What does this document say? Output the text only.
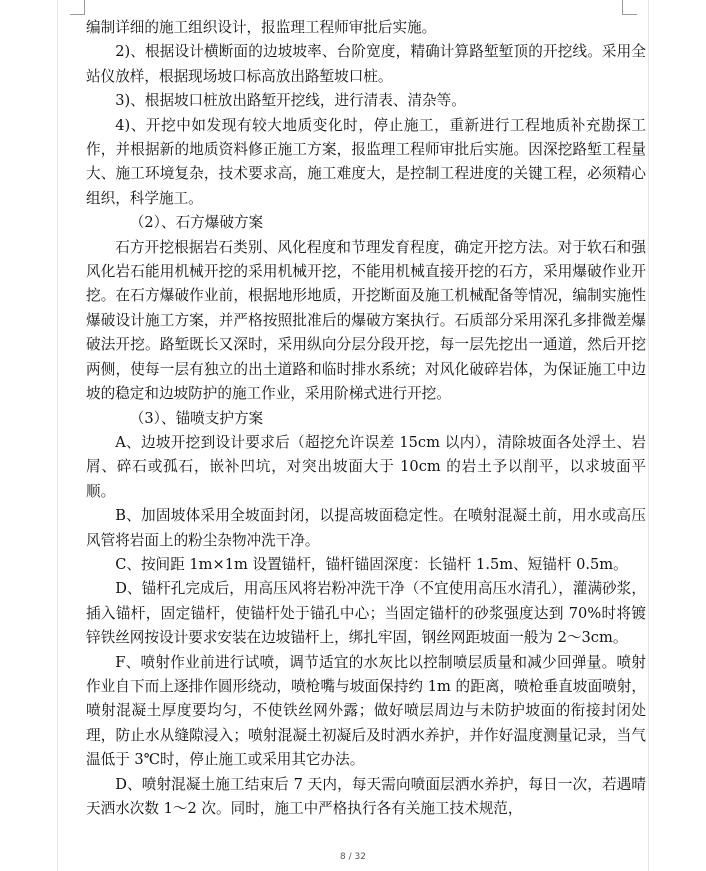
编制详细的施工组织设计，报监理工程师审批后实施。

2)、根据设计横断面的边坡坡率、台阶宽度，精确计算路堑堑顶的开挖线。采用全站仪放样，根据现场坡口标高放出路堑坡口桩。

3)、根据坡口桩放出路堑开挖线，进行清表、清杂等。

4)、开挖中如发现有较大地质变化时，停止施工，重新进行工程地质补充勘探工作，并根据新的地质资料修正施工方案，报监理工程师审批后实施。因深挖路堑工程量大、施工环境复杂，技术要求高，施工难度大，是控制工程进度的关键工程，必须精心组织，科学施工。

（2）、石方爆破方案

石方开挖根据岩石类别、风化程度和节理发育程度，确定开挖方法。对于软石和强风化岩石能用机械开挖的采用机械开挖，不能用机械直接开挖的石方，采用爆破作业开挖。在石方爆破作业前，根据地形地质，开挖断面及施工机械配备等情况，编制实施性爆破设计施工方案，并严格按照批准后的爆破方案执行。石质部分采用深孔多排微差爆破法开挖。路堑既长又深时，采用纵向分层分段开挖，每一层先挖出一通道，然后开挖两侧，使每一层有独立的出土道路和临时排水系统；对风化破碎岩体，为保证施工中边坡的稳定和边坡防护的施工作业，采用阶梯式进行开挖。

（3）、锚喷支护方案

A、边坡开挖到设计要求后（超挖允许误差 15cm 以内），清除坡面各处浮土、岩屑、碎石或孤石，嵌补凹坑，对突出坡面大于 10cm 的岩土予以削平，以求坡面平顺。

B、加固坡体采用全坡面封闭，以提高坡面稳定性。在喷射混凝土前，用水或高压风管将岩面上的粉尘杂物冲洗干净。

C、按间距 1m×1m 设置锚杆，锚杆锚固深度：长锚杆 1.5m、短锚杆 0.5m。

D、锚杆孔完成后，用高压风将岩粉冲洗干净（不宜使用高压水清孔），灌满砂浆，插入锚杆，固定锚杆，使锚杆处于锚孔中心；当固定锚杆的砂浆强度达到 70%时将镀锌铁丝网按设计要求安装在边坡锚杆上，绑扎牢固，钢丝网距坡面一般为 2～3cm。

F、喷射作业前进行试喷，调节适宜的水灰比以控制喷层质量和减少回弹量。喷射作业自下而上逐排作圆形绕动，喷枪嘴与坡面保持约 1m 的距离，喷枪垂直坡面喷射，喷射混凝土厚度要均匀，不使铁丝网外露；做好喷层周边与未防护坡面的衔接封闭处理，防止水从缝隙浸入；喷射混凝土初凝后及时洒水养护，并作好温度测量记录，当气温低于 3℃时，停止施工或采用其它办法。

D、喷射混凝土施工结束后 7 天内，每天需向喷面层洒水养护，每日一次，若遇晴天洒水次数 1～2 次。同时，施工中严格执行各有关施工技术规范，

8 / 32
